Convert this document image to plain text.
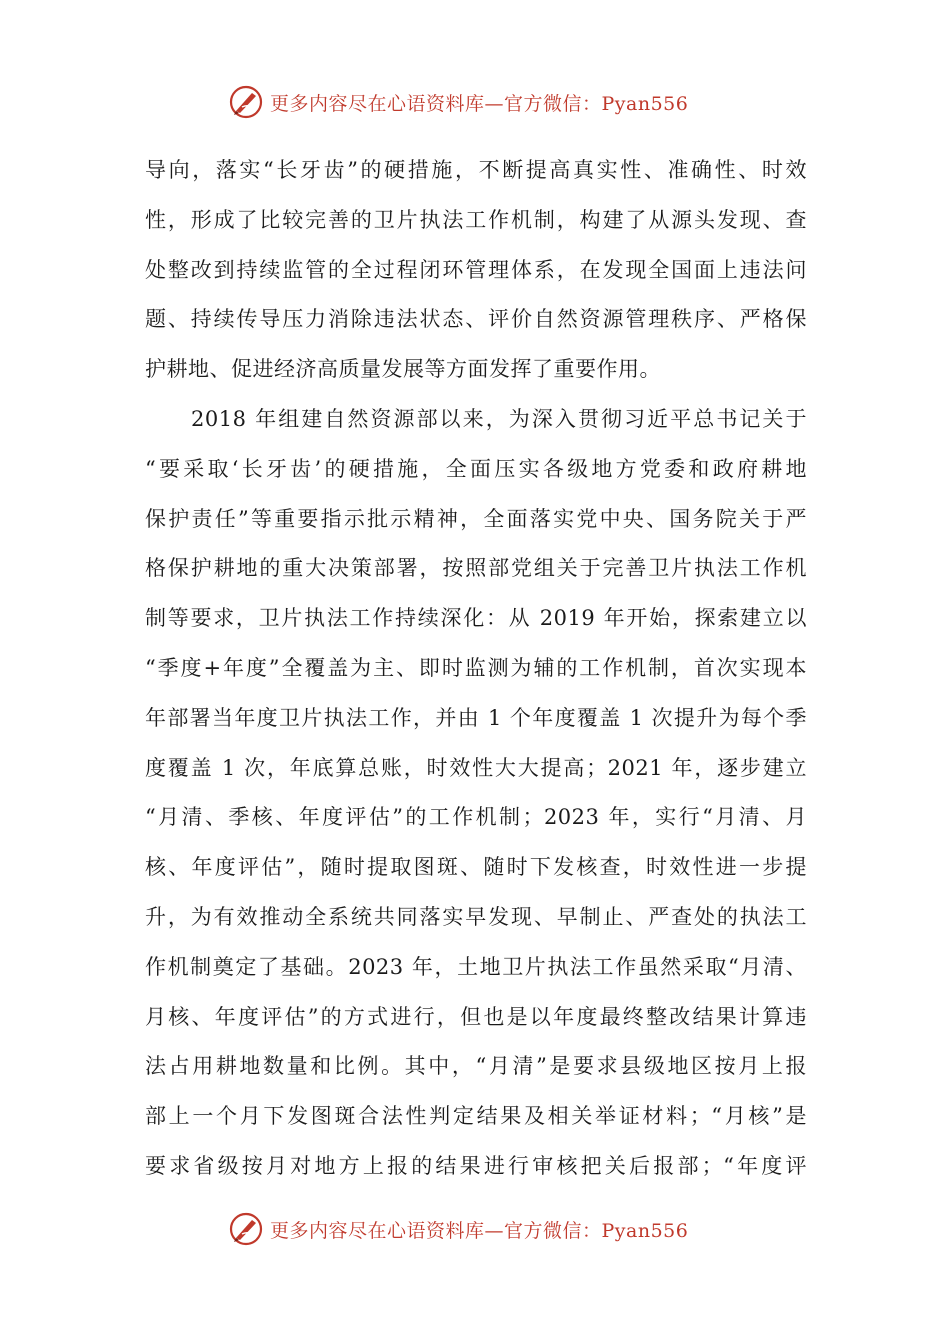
更多内容尽在心语资料库—官方微信：Pyan556
导向，落实“长牙齿”的硬措施，不断提高真实性、准确性、时效
性，形成了比较完善的卫片执法工作机制，构建了从源头发现、查
处整改到持续监管的全过程闭环管理体系，在发现全国面上违法问
题、持续传导压力消除违法状态、评价自然资源管理秩序、严格保
护耕地、促进经济高质量发展等方面发挥了重要作用。
2018 年组建自然资源部以来，为深入贯彻习近平总书记关于
“要采取‘长牙齿’的硬措施，全面压实各级地方党委和政府耕地
保护责任”等重要指示批示精神，全面落实党中央、国务院关于严
格保护耕地的重大决策部署，按照部党组关于完善卫片执法工作机
制等要求，卫片执法工作持续深化：从 2019 年开始，探索建立以
“季度+年度”全覆盖为主、即时监测为辅的工作机制，首次实现本
年部署当年度卫片执法工作，并由 1 个年度覆盖 1 次提升为每个季
度覆盖 1 次，年底算总账，时效性大大提高；2021 年，逐步建立
“月清、季核、年度评估”的工作机制；2023 年，实行“月清、月
核、年度评估”，随时提取图斑、随时下发核查，时效性进一步提
升，为有效推动全系统共同落实早发现、早制止、严查处的执法工
作机制奠定了基础。2023 年，土地卫片执法工作虽然采取“月清、
月核、年度评估”的方式进行，但也是以年度最终整改结果计算违
法占用耕地数量和比例。其中，“月清”是要求县级地区按月上报
部上一个月下发图斑合法性判定结果及相关举证材料；“月核”是
要求省级按月对地方上报的结果进行审核把关后报部；“年度评
更多内容尽在心语资料库—官方微信：Pyan556
